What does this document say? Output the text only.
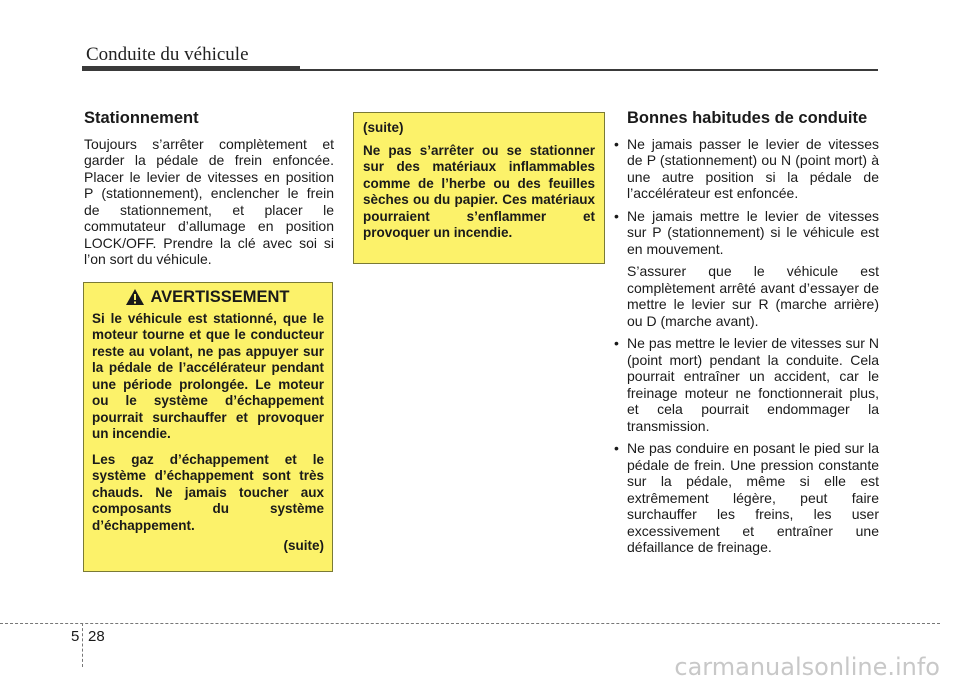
Conduite du véhicule
Stationnement

Toujours s’arrêter complètement et garder la pédale de frein enfoncée. Placer le levier de vitesses en position P (stationnement), enclencher le frein de stationnement, et placer le commutateur d’allumage en position LOCK/OFF. Prendre la clé avec soi si l’on sort du véhicule.

AVERTISSEMENT

Si le véhicule est stationné, que le moteur tourne et que le conducteur reste au volant, ne pas appuyer sur la pédale de l’accélérateur pendant une période prolongée. Le moteur ou le système d’échappement pourrait surchauffer et provoquer un incendie.

Les gaz d’échappement et le système d’échappement sont très chauds. Ne jamais toucher aux composants du système d’échappement.

(suite)

(suite)

Ne pas s’arrêter ou se stationner sur des matériaux inflammables comme de l’herbe ou des feuilles sèches ou du papier. Ces matériaux pourraient s’enflammer et provoquer un incendie.

Bonnes habitudes de conduite
• Ne jamais passer le levier de vitesses de P (stationnement) ou N (point mort) à une autre position si la pédale de l’accélérateur est enfoncée.
• Ne jamais mettre le levier de vitesses sur P (stationnement) si le véhicule est en mouvement.
S’assurer que le véhicule est complètement arrêté avant d’essayer de mettre le levier sur R (marche arrière) ou D (marche avant).
• Ne pas mettre le levier de vitesses sur N (point mort) pendant la conduite. Cela pourrait entraîner un accident, car le freinage moteur ne fonctionnerait plus, et cela pourrait endommager la transmission.
• Ne pas conduire en posant le pied sur la pédale de frein. Une pression constante sur la pédale, même si elle est extrêmement légère, peut faire surchauffer les freins, les user excessivement et entraîner une défaillance de freinage.
5 28
carmanualsonline.info
